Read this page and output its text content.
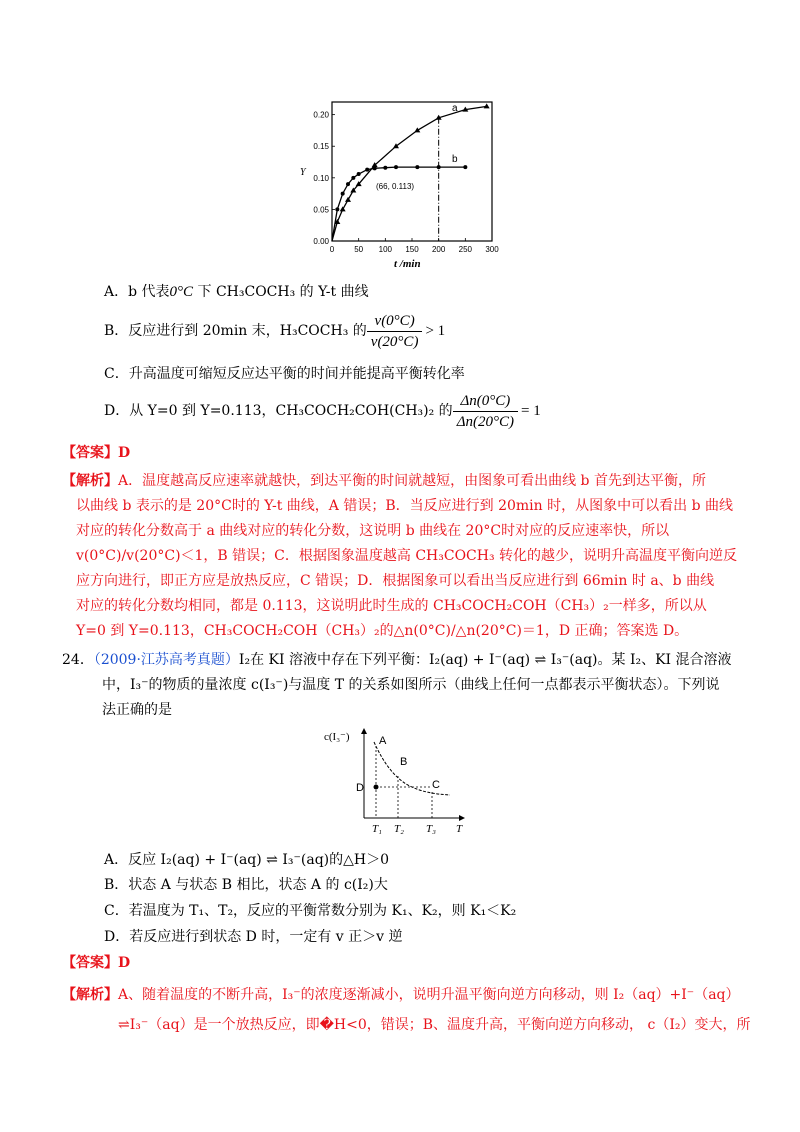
0 50 100 150 200 250 300
0.20
0.15
0.10
0.05
0.00
Y
t /min
a
b
(66, 0.113)
A．b 代表0°C 下 CH₃COCH₃ 的 Y-t 曲线
B．反应进行到 20min 末，H₃COCH₃ 的 $\frac{v(0^\circ C)}{v(20^\circ C)} > 1$
C．升高温度可缩短反应达平衡的时间并能提高平衡转化率
D．从 Y=0 到 Y=0.113，CH₃COCH₂COH(CH₃)₂ 的 $\frac{\Delta n(0^\circ C)}{\Delta n(20^\circ C)} = 1$
【答案】D
【解析】A．温度越高反应速率就越快，到达平衡的时间就越短，由图象可看出曲线 b 首先到达平衡，所
以曲线 b 表示的是 20°C时的 Y-t 曲线，A 错误；B．当反应进行到 20min 时，从图象中可以看出 b 曲线
对应的转化分数高于 a 曲线对应的转化分数，这说明 b 曲线在 20°C时对应的反应速率快，所以
v(0°C)/v(20°C)＜1，B 错误；C．根据图象温度越高 CH₃COCH₃ 转化的越少，说明升高温度平衡向逆反
应方向进行，即正方应是放热反应，C 错误；D．根据图象可以看出当反应进行到 66min 时 a、b 曲线
对应的转化分数均相同，都是 0.113，这说明此时生成的 CH₃COCH₂COH（CH₃）₂一样多，所以从
Y=0 到 Y=0.113，CH₃COCH₂COH（CH₃）₂的△n(0°C)/△n(20°C)＝1，D 正确；答案选 D。
24．（2009·江苏高考真题）I₂在 KI 溶液中存在下列平衡：I₂(aq) + I⁻(aq) ⇌ I₃⁻(aq)。某 I₂、KI 混合溶液
中，I₃⁻的物质的量浓度 c(I₃⁻)与温度 T 的关系如图所示（曲线上任何一点都表示平衡状态）。下列说
法正确的是
c(I₃⁻)
T
A
B
C
D
T₁ T₂ T₃
A．反应 I₂(aq) + I⁻(aq) ⇌ I₃⁻(aq)的△H＞0
B．状态 A 与状态 B 相比，状态 A 的 c(I₂)大
C．若温度为 T₁、T₂，反应的平衡常数分别为 K₁、K₂，则 K₁＜K₂
D．若反应进行到状态 D 时，一定有 v 正＞v 逆
【答案】D
【解析】A、随着温度的不断升高，I₃⁻的浓度逐渐减小，说明升温平衡向逆方向移动，则 I₂（aq）+I⁻（aq）
⇌I₃⁻（aq）是一个放热反应，即�H<0，错误；B、温度升高，平衡向逆方向移动， c（I₂）变大，所
